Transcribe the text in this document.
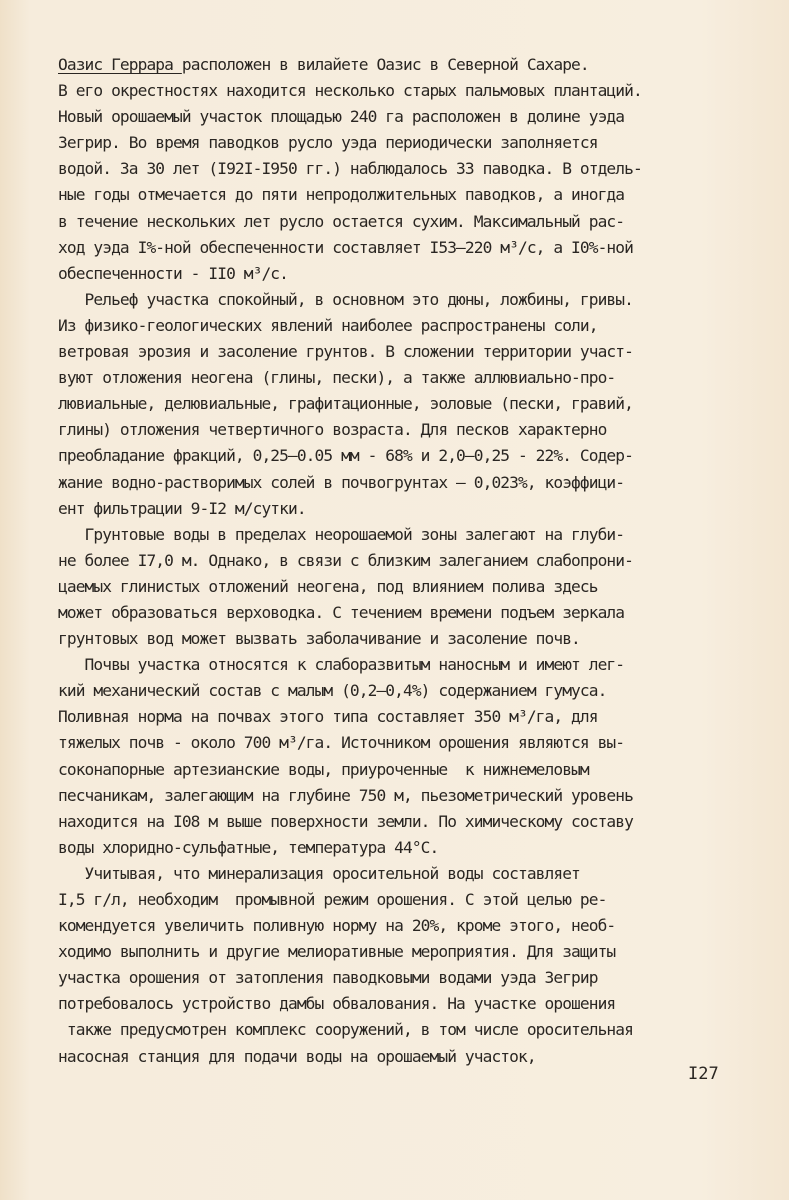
Оазис Геррара расположен в вилайете Оазис в Северной Сахаре.
В его окрестностях находится несколько старых пальмовых плантаций.
Новый орошаемый участок площадью 240 га расположен в долине уэда
Зегрир. Во время паводков русло уэда периодически заполняется
водой. За 30 лет (I92I-I950 гг.) наблюдалось 33 паводка. В отдель-
ные годы отмечается до пяти непродолжительных паводков, а иногда
в течение нескольких лет русло остается сухим. Максимальный рас-
ход уэда I%-ной обеспеченности составляет I53–220 м³/с, а I0%-ной
обеспеченности - II0 м³/с.
Рельеф участка спокойный, в основном это дюны, ложбины, гривы.
Из физико-геологических явлений наиболее распространены соли,
ветровая эрозия и засоление грунтов. В сложении территории участ-
вуют отложения неогена (глины, пески), а также аллювиально-про-
лювиальные, делювиальные, графитационные, эоловые (пески, гравий,
глины) отложения четвертичного возраста. Для песков характерно
преобладание фракций, 0,25–0.05 мм - 68% и 2,0–0,25 - 22%. Содер-
жание водно-растворимых солей в почвогрунтах — 0,023%, коэффици-
ент фильтрации 9-I2 м/сутки.
Грунтовые воды в пределах неорошаемой зоны залегают на глуби-
не более I7,0 м. Однако, в связи с близким залеганием слабопрони-
цаемых глинистых отложений неогена, под влиянием полива здесь
может образоваться верховодка. С течением времени подъем зеркала
грунтовых вод может вызвать заболачивание и засоление почв.
Почвы участка относятся к слаборазвитым наносным и имеют лег-
кий механический состав с малым (0,2–0,4%) содержанием гумуса.
Поливная норма на почвах этого типа составляет 350 м³/га, для
тяжелых почв - около 700 м³/га. Источником орошения являются вы-
соконапорные артезианские воды, приуроченные  к нижнемеловым
песчаникам, залегающим на глубине 750 м, пьезометрический уровень
находится на I08 м выше поверхности земли. По химическому составу
воды хлоридно-сульфатные, температура 44°С.
Учитывая, что минерализация оросительной воды составляет
I,5 г/л, необходим  промывной режим орошения. С этой целью ре-
комендуется увеличить поливную норму на 20%, кроме этого, необ-
ходимо выполнить и другие мелиоративные мероприятия. Для защиты
участка орошения от затопления паводковыми водами уэда Зегрир
потребовалось устройство дамбы обвалования. На участке орошения
также предусмотрен комплекс сооружений, в том числе оросительная
насосная станция для подачи воды на орошаемый участок,
I27
